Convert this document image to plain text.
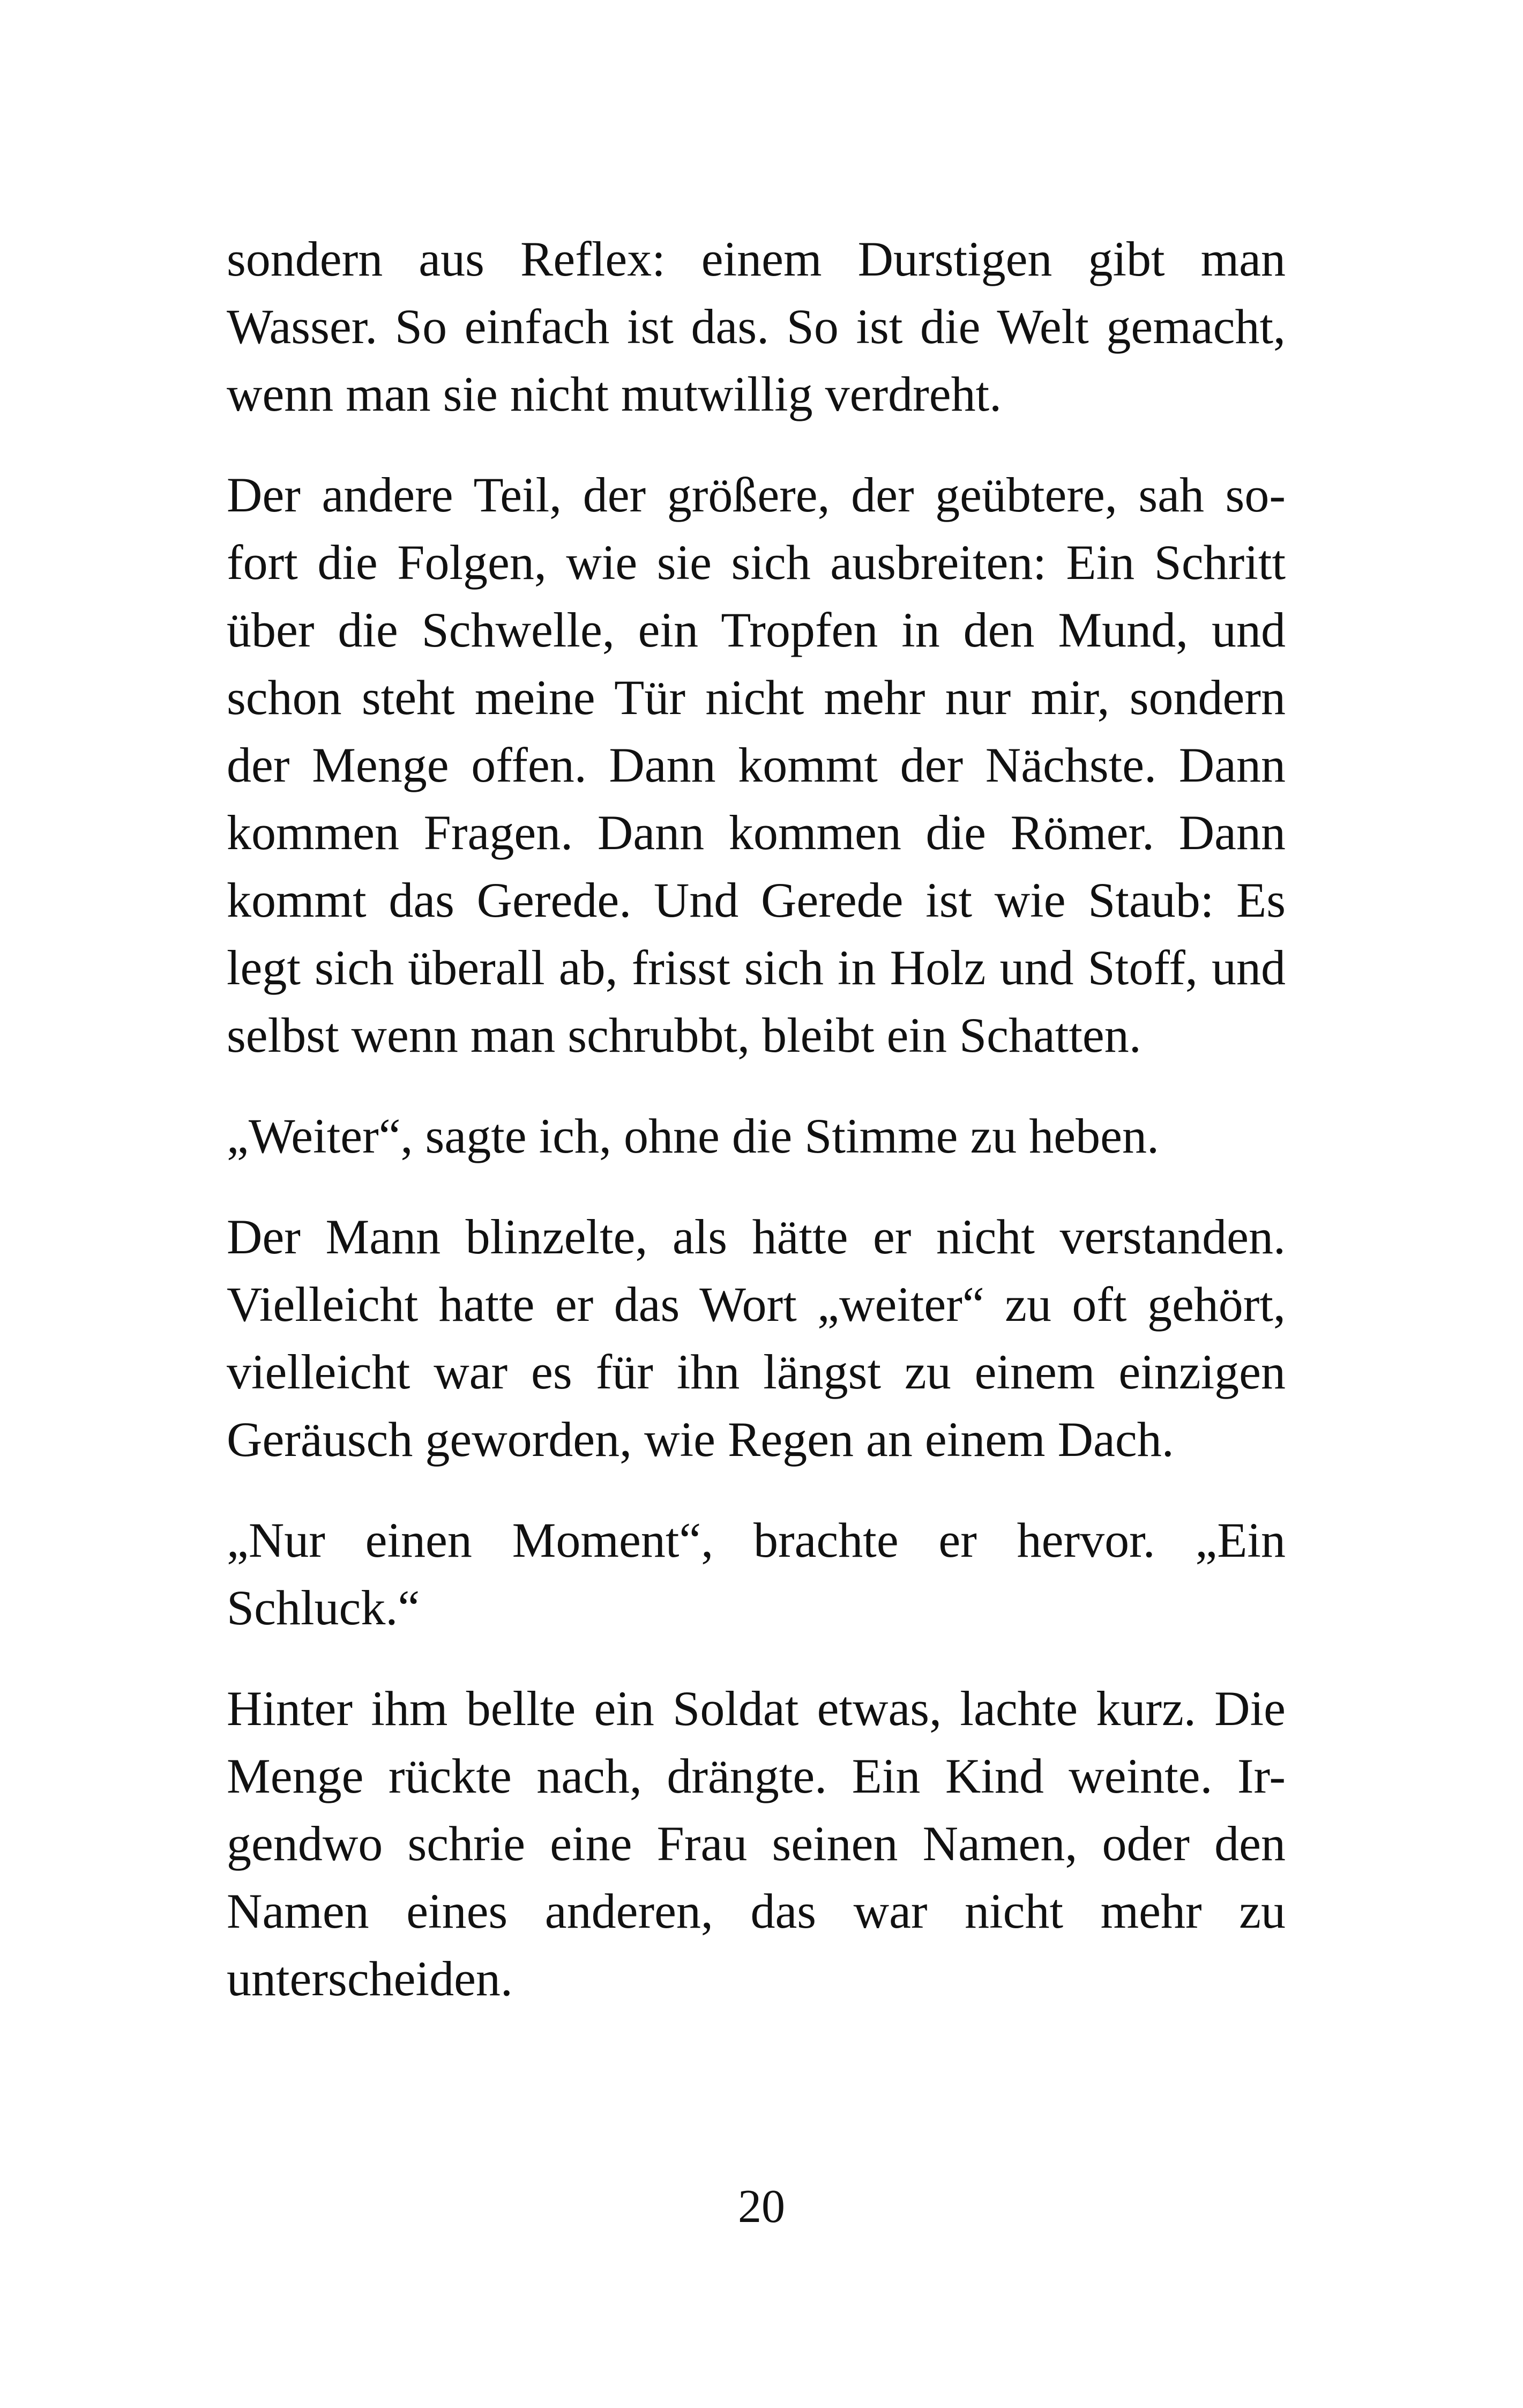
sondern aus Reflex: einem Durstigen gibt man
Wasser. So einfach ist das. So ist die Welt gemacht,
wenn man sie nicht mutwillig verdreht.
Der andere Teil, der größere, der geübtere, sah so-
fort die Folgen, wie sie sich ausbreiten: Ein Schritt
über die Schwelle, ein Tropfen in den Mund, und
schon steht meine Tür nicht mehr nur mir, sondern
der Menge offen. Dann kommt der Nächste. Dann
kommen Fragen. Dann kommen die Römer. Dann
kommt das Gerede. Und Gerede ist wie Staub: Es
legt sich überall ab, frisst sich in Holz und Stoff, und
selbst wenn man schrubbt, bleibt ein Schatten.
„Weiter“, sagte ich, ohne die Stimme zu heben.
Der Mann blinzelte, als hätte er nicht verstanden.
Vielleicht hatte er das Wort „weiter“ zu oft gehört,
vielleicht war es für ihn längst zu einem einzigen
Geräusch geworden, wie Regen an einem Dach.
„Nur einen Moment“, brachte er hervor. „Ein
Schluck.“
Hinter ihm bellte ein Soldat etwas, lachte kurz. Die
Menge rückte nach, drängte. Ein Kind weinte. Ir-
gendwo schrie eine Frau seinen Namen, oder den
Namen eines anderen, das war nicht mehr zu
unterscheiden.
20
